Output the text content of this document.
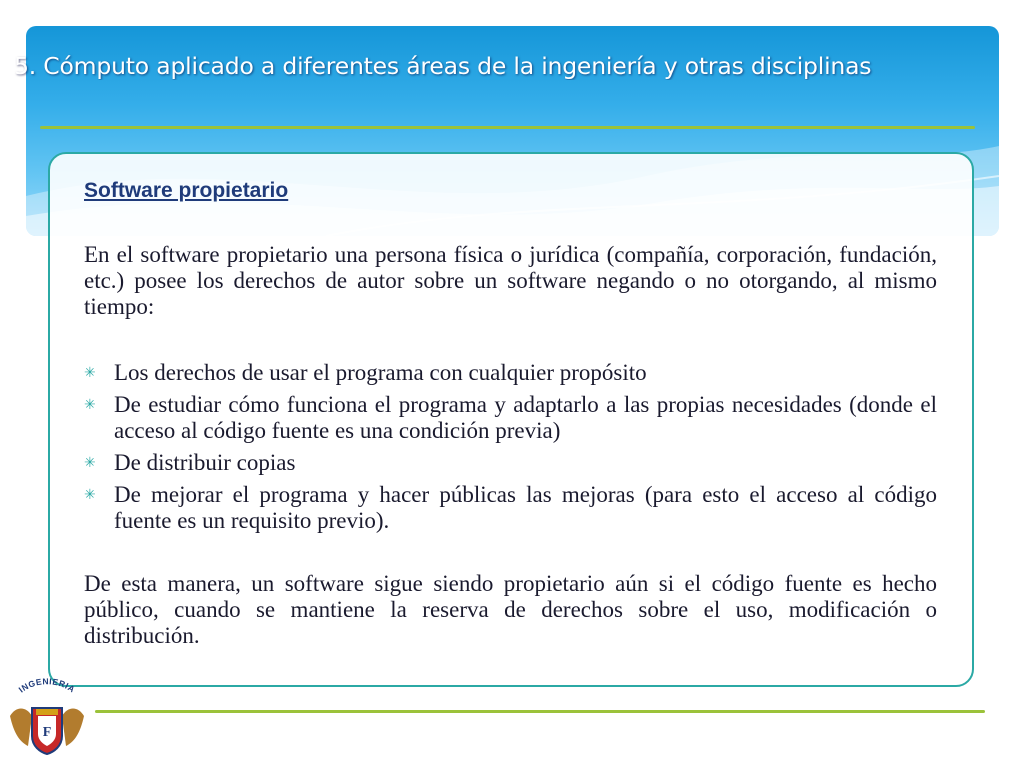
5. Cómputo aplicado a diferentes áreas de la ingeniería y otras disciplinas

Software propietario

En el software propietario una persona física o jurídica (compañía, corporación, fundación, etc.) posee los derechos de autor sobre un software negando o no otorgando, al mismo tiempo:

✳ Los derechos de usar el programa con cualquier propósito
✳ De estudiar cómo funciona el programa y adaptarlo a las propias necesidades (donde el acceso al código fuente es una condición previa)
✳ De distribuir copias
✳ De mejorar el programa y hacer públicas las mejoras (para esto el acceso al código fuente es un requisito previo).

De esta manera, un software sigue siendo propietario aún si el código fuente es hecho público, cuando se mantiene la reserva de derechos sobre el uso, modificación o distribución.

INGENIERIA
F
